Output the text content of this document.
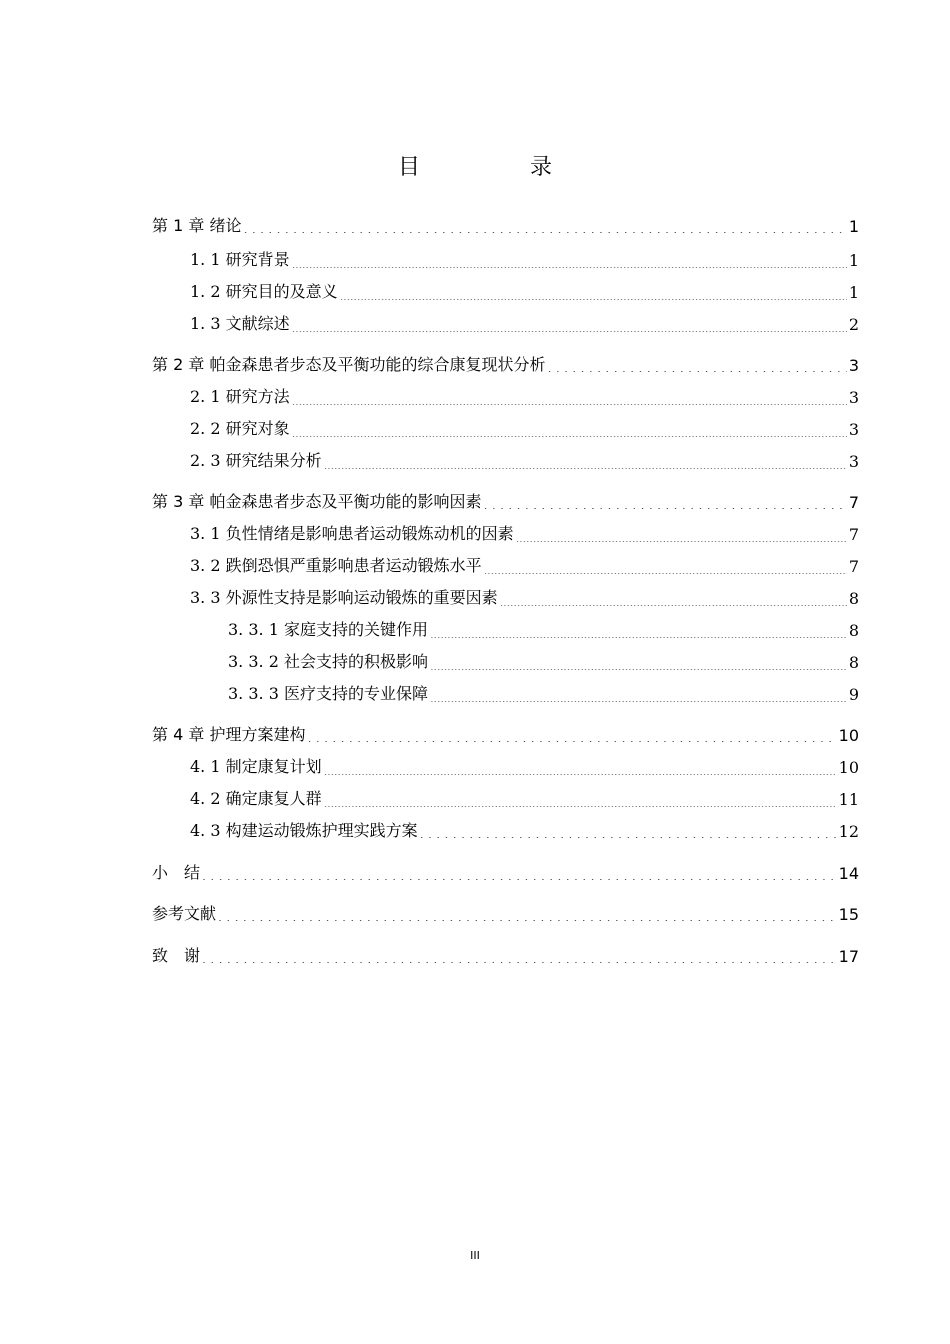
目　录
第 1 章 绪论 . . .	1
1. 1 研究背景 .....	1
1. 2 研究目的及意义 .....	1
1. 3 文献综述 .....	2
第 2 章 帕金森患者步态及平衡功能的综合康复现状分析 . . .	3
2. 1 研究方法 .....	3
2. 2 研究对象 .....	3
2. 3 研究结果分析 .....	3
第 3 章 帕金森患者步态及平衡功能的影响因素 . . .	7
3. 1 负性情绪是影响患者运动锻炼动机的因素 .....	7
3. 2 跌倒恐惧严重影响患者运动锻炼水平 .....	7
3. 3 外源性支持是影响运动锻炼的重要因素 .....	8
3. 3. 1 家庭支持的关键作用 .....	8
3. 3. 2 社会支持的积极影响 .....	8
3. 3. 3 医疗支持的专业保障 .....	9
第 4 章 护理方案建构 . . .	10
4. 1 制定康复计划 .....	10
4. 2 确定康复人群 .....	11
4. 3 构建运动锻炼护理实践方案 . . .	12
小　结 . . .	14
参考文献 . . .	15
致　谢 . . .	17
III
